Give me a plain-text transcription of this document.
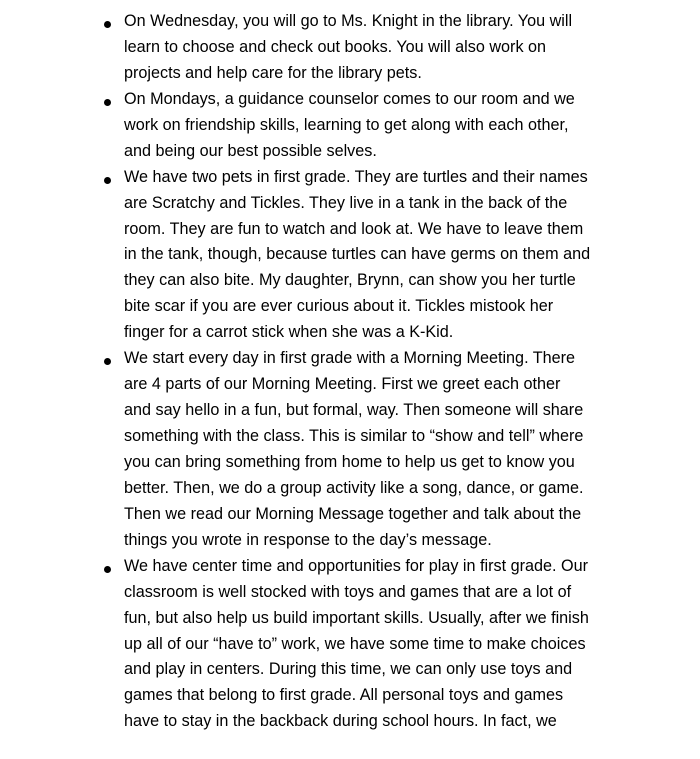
On Wednesday, you will go to Ms. Knight in the library. You will
learn to choose and check out books. You will also work on
projects and help care for the library pets.
On Mondays, a guidance counselor comes to our room and we
work on friendship skills, learning to get along with each other,
and being our best possible selves.
We have two pets in first grade. They are turtles and their names
are Scratchy and Tickles. They live in a tank in the back of the
room. They are fun to watch and look at. We have to leave them
in the tank, though, because turtles can have germs on them and
they can also bite. My daughter, Brynn, can show you her turtle
bite scar if you are ever curious about it. Tickles mistook her
finger for a carrot stick when she was a K-Kid.
We start every day in first grade with a Morning Meeting. There
are 4 parts of our Morning Meeting. First we greet each other
and say hello in a fun, but formal, way. Then someone will share
something with the class. This is similar to “show and tell” where
you can bring something from home to help us get to know you
better. Then, we do a group activity like a song, dance, or game.
Then we read our Morning Message together and talk about the
things you wrote in response to the day’s message.
We have center time and opportunities for play in first grade. Our
classroom is well stocked with toys and games that are a lot of
fun, but also help us build important skills. Usually, after we finish
up all of our “have to” work, we have some time to make choices
and play in centers. During this time, we can only use toys and
games that belong to first grade. All personal toys and games
have to stay in the backback during school hours. In fact, we
